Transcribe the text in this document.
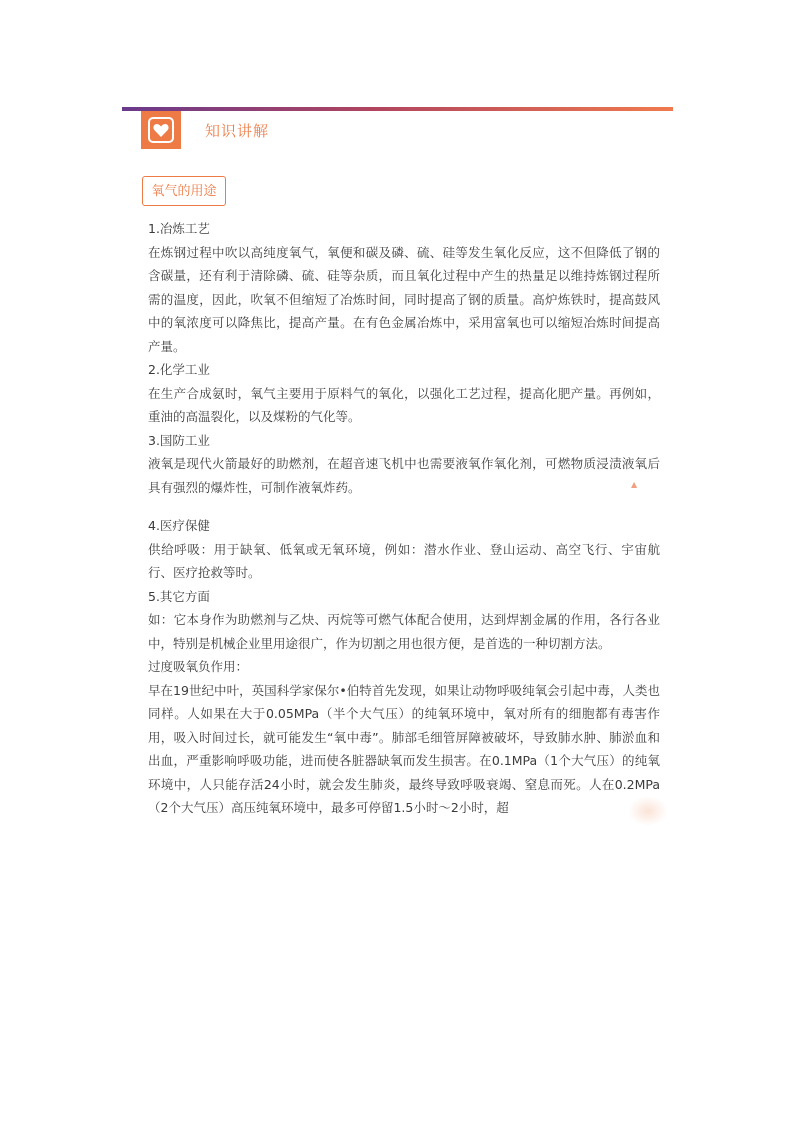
知识讲解
氧气的用途

1.冶炼工艺

在炼钢过程中吹以高纯度氧气，氧便和碳及磷、硫、硅等发生氧化反应，这不但降低了钢的含碳量，还有利于清除磷、硫、硅等杂质，而且氧化过程中产生的热量足以维持炼钢过程所需的温度，因此，吹氧不但缩短了冶炼时间，同时提高了钢的质量。高炉炼铁时，提高鼓风中的氧浓度可以降焦比，提高产量。在有色金属冶炼中，采用富氧也可以缩短冶炼时间提高产量。

2.化学工业

在生产合成氨时，氧气主要用于原料气的氧化，以强化工艺过程，提高化肥产量。再例如，重油的高温裂化，以及煤粉的气化等。

3.国防工业

液氧是现代火箭最好的助燃剂，在超音速飞机中也需要液氧作氧化剂，可燃物质浸渍液氧后具有强烈的爆炸性，可制作液氧炸药。

4.医疗保健

供给呼吸：用于缺氧、低氧或无氧环境，例如：潜水作业、登山运动、高空飞行、宇宙航行、医疗抢救等时。

5.其它方面

如：它本身作为助燃剂与乙炔、丙烷等可燃气体配合使用，达到焊割金属的作用，各行各业中，特别是机械企业里用途很广，作为切割之用也很方便，是首选的一种切割方法。

过度吸氧负作用：

早在19世纪中叶，英国科学家保尔•伯特首先发现，如果让动物呼吸纯氧会引起中毒，人类也同样。人如果在大于0.05MPa（半个大气压）的纯氧环境中，氧对所有的细胞都有毒害作用，吸入时间过长，就可能发生“氧中毒”。肺部毛细管屏障被破坏，导致肺水肿、肺淤血和出血，严重影响呼吸功能，进而使各脏器缺氧而发生损害。在0.1MPa（1个大气压）的纯氧环境中，人只能存活24小时，就会发生肺炎，最终导致呼吸衰竭、窒息而死。人在0.2MPa（2个大气压）高压纯氧环境中，最多可停留1.5小时～2小时，超

▲
